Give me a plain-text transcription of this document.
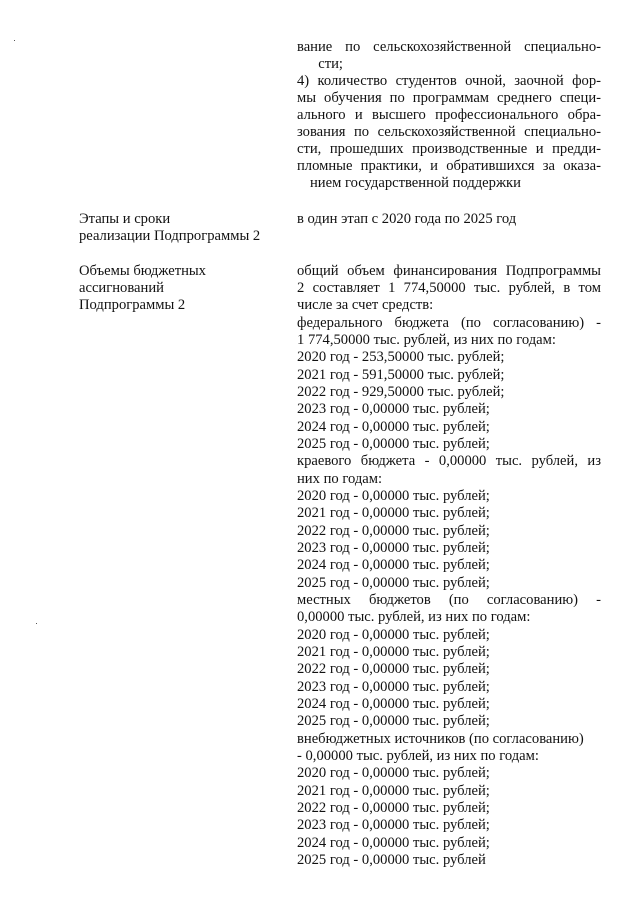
вание по сельскохозяйственной специально-
сти;
4) количество студентов очной, заочной фор-
мы обучения по программам среднего специ-
ального и высшего профессионального обра-
зования по сельскохозяйственной специально-
сти, прошедших производственные и предди-
пломные практики, и обратившихся за оказа-
нием государственной поддержки
Этапы и сроки
реализации Подпрограммы 2
в один этап с 2020 года по 2025 год
Объемы бюджетных
ассигнований
Подпрограммы 2
общий объем финансирования Подпрограммы
2 составляет 1 774,50000 тыс. рублей, в том
числе за счет средств:
федерального бюджета (по согласованию) -
1 774,50000 тыс. рублей, из них по годам:
2020 год - 253,50000 тыс. рублей;
2021 год - 591,50000 тыс. рублей;
2022 год - 929,50000 тыс. рублей;
2023 год - 0,00000 тыс. рублей;
2024 год - 0,00000 тыс. рублей;
2025 год - 0,00000 тыс. рублей;
краевого бюджета - 0,00000 тыс. рублей, из
них по годам:
2020 год - 0,00000 тыс. рублей;
2021 год - 0,00000 тыс. рублей;
2022 год - 0,00000 тыс. рублей;
2023 год - 0,00000 тыс. рублей;
2024 год - 0,00000 тыс. рублей;
2025 год - 0,00000 тыс. рублей;
местных бюджетов (по согласованию) -
0,00000 тыс. рублей, из них по годам:
2020 год - 0,00000 тыс. рублей;
2021 год - 0,00000 тыс. рублей;
2022 год - 0,00000 тыс. рублей;
2023 год - 0,00000 тыс. рублей;
2024 год - 0,00000 тыс. рублей;
2025 год - 0,00000 тыс. рублей;
внебюджетных источников (по согласованию)
- 0,00000 тыс. рублей, из них по годам:
2020 год - 0,00000 тыс. рублей;
2021 год - 0,00000 тыс. рублей;
2022 год - 0,00000 тыс. рублей;
2023 год - 0,00000 тыс. рублей;
2024 год - 0,00000 тыс. рублей;
2025 год - 0,00000 тыс. рублей
